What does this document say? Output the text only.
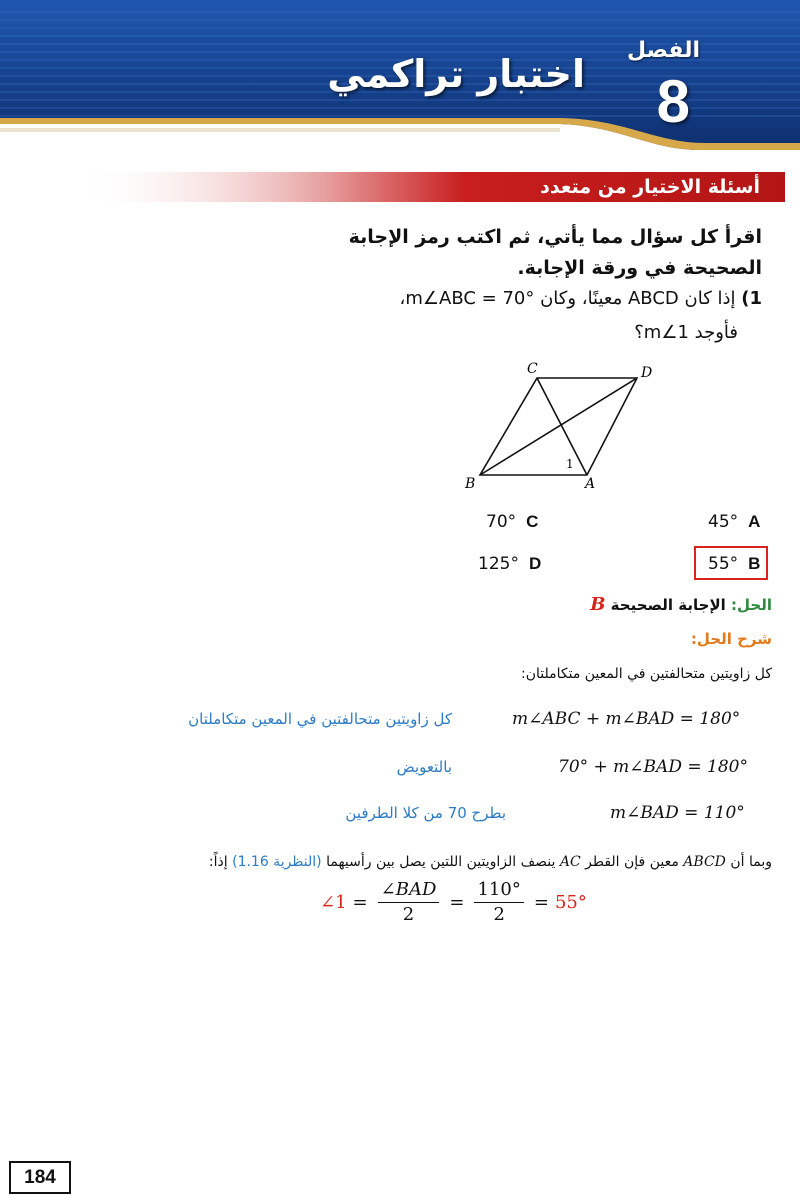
اختبار تراكمي
الفصل
8
أسئلة الاختيار من متعدد
اقرأ كل سؤال مما يأتي، ثم اكتب رمز الإجابة الصحيحة في ورقة الإجابة.
1) إذا كان ABCD معينًا، وكان m∠ABC = 70°،
فأوجد m∠1؟
C	D
B	A
1
45° A
70° C
55° B
125° D
الحل: الإجابة الصحيحة B
شرح الحل:
كل زاويتين متحالفتين في المعين متكاملتان:
m∠ABC + m∠BAD = 180°
كل زاويتين متحالفتين في المعين متكاملتان
70° + m∠BAD = 180°
بالتعويض
m∠BAD = 110°
بطرح 70 من كلا الطرفين
وبما أن ABCD معين فإن القطر AC ينصف الزاويتين اللتين يصل بين رأسيهما (النظرية 1.16) إذاً:
∠1 = $\frac{\text{∠BAD}}{2} = \frac{110^\circ}{2} = 55^\circ$
184
